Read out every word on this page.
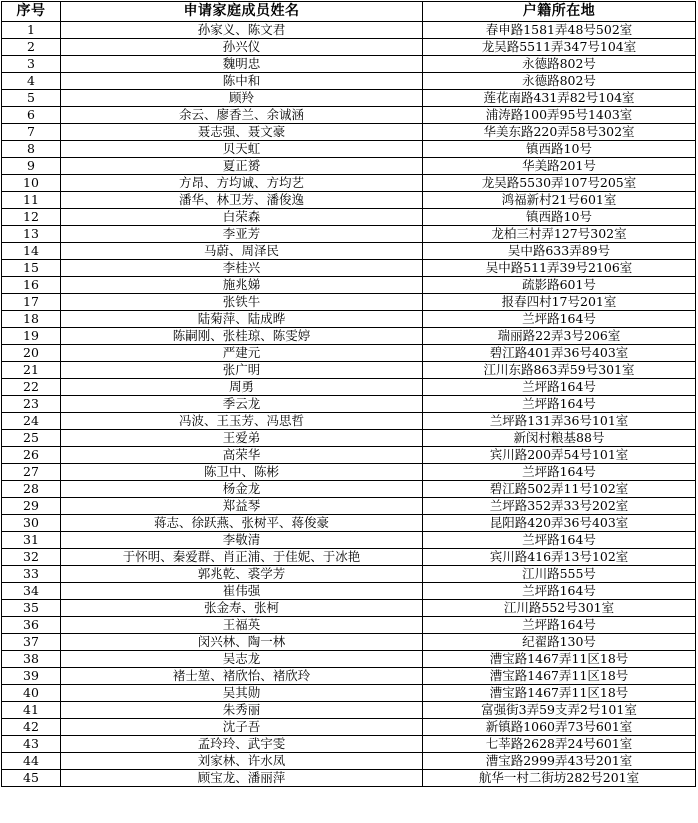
序号	申请家庭成员姓名	户籍所在地
1	孙家义、陈文君	春申路1581弄48号502室
2	孙兴仪	龙吴路5511弄347号104室
3	魏明忠	永德路802号
4	陈中和	永德路802号
5	顾羚	莲花南路431弄82号104室
6	余云、廖香兰、余诚涵	浦涛路100弄95号1403室
7	聂志强、聂文豪	华美东路220弄58号302室
8	贝天虹	镇西路10号
9	夏正赟	华美路201号
10	方昂、方均诚、方均艺	龙吴路5530弄107号205室
11	潘华、林卫芳、潘俊逸	鸿福新村21号601室
12	白荣森	镇西路10号
13	李亚芳	龙柏三村弄127号302室
14	马蔚、周泽民	吴中路633弄89号
15	李桂兴	吴中路511弄39号2106室
16	施兆娣	疏影路601号
17	张铁牛	报春四村17号201室
18	陆菊萍、陆成晔	兰坪路164号
19	陈嗣刚、张桂琼、陈雯婷	瑞丽路22弄3号206室
20	严建元	碧江路401弄36号403室
21	张广明	江川东路863弄59号301室
22	周勇	兰坪路164号
23	季云龙	兰坪路164号
24	冯波、王玉芳、冯思哲	兰坪路131弄36号101室
25	王爱弟	新闵村粮基88号
26	高荣华	宾川路200弄54号101室
27	陈卫中、陈彬	兰坪路164号
28	杨金龙	碧江路502弄11号102室
29	郑益琴	兰坪路352弄33号202室
30	蒋志、徐跃燕、张树平、蒋俊豪	昆阳路420弄36号403室
31	李敬清	兰坪路164号
32	于怀明、秦爱群、肖正浦、于佳妮、于冰艳	宾川路416弄13号102室
33	郭兆乾、裘学芳	江川路555号
34	崔伟强	兰坪路164号
35	张金寿、张柯	江川路552号301室
36	王福英	兰坪路164号
37	闵兴林、陶一林	纪翟路130号
38	吴志龙	漕宝路1467弄11区18号
39	褚士堃、褚欣怡、褚欣玲	漕宝路1467弄11区18号
40	吴其勋	漕宝路1467弄11区18号
41	朱秀丽	富强街3弄59支弄2号101室
42	沈子吾	新镇路1060弄73号601室
43	孟玲玲、武宇雯	七莘路2628弄24号601室
44	刘家林、许水凤	漕宝路2999弄43号201室
45	顾宝龙、潘丽萍	航华一村二街坊282号201室
